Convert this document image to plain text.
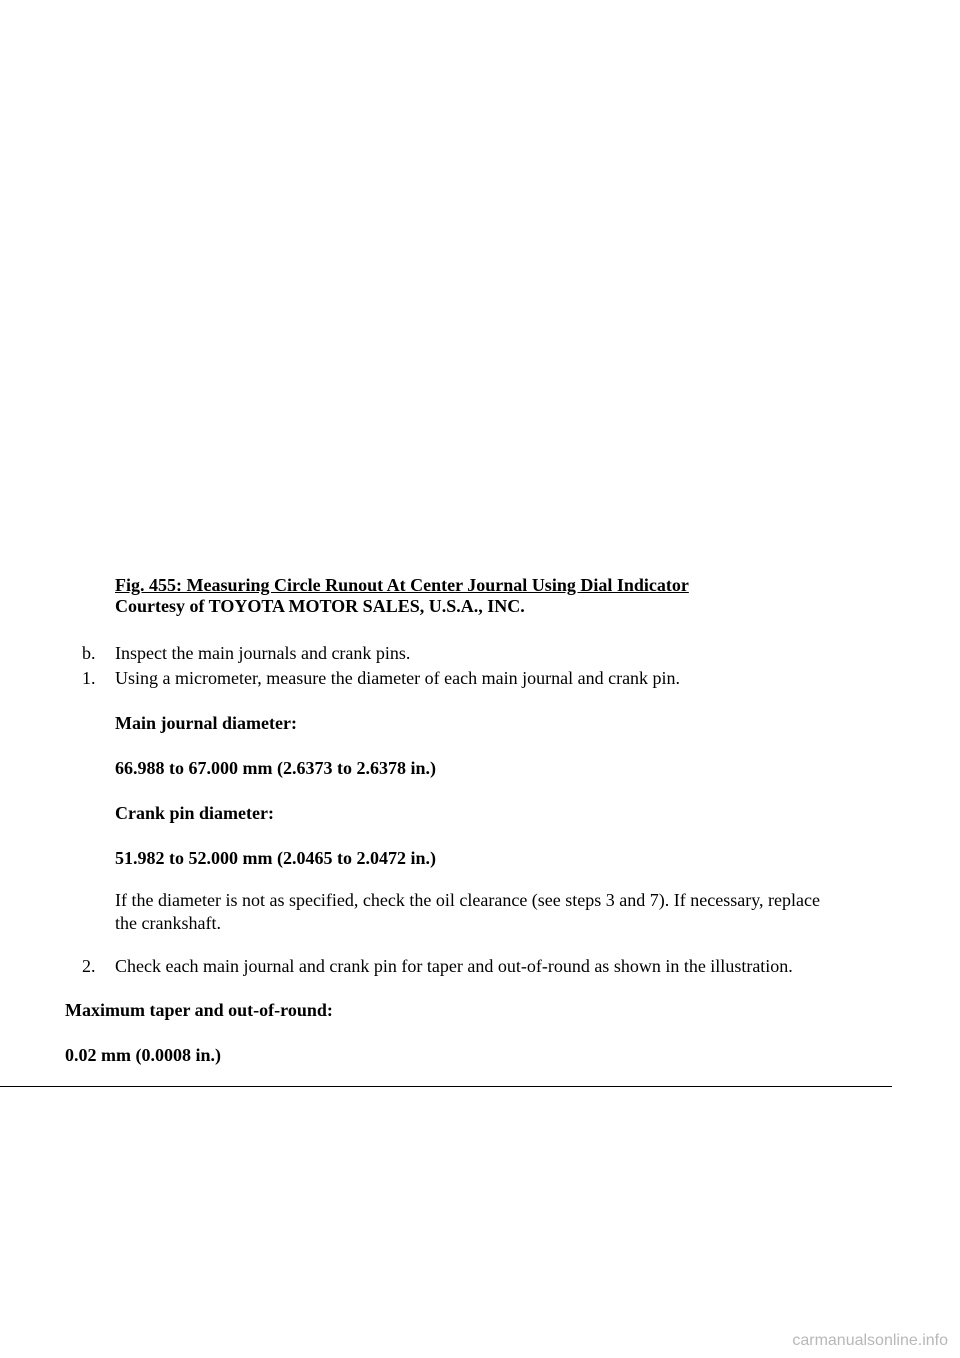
Fig. 455: Measuring Circle Runout At Center Journal Using Dial Indicator
Courtesy of TOYOTA MOTOR SALES, U.S.A., INC.
b. Inspect the main journals and crank pins.
1. Using a micrometer, measure the diameter of each main journal and crank pin.
Main journal diameter:
66.988 to 67.000 mm (2.6373 to 2.6378 in.)
Crank pin diameter:
51.982 to 52.000 mm (2.0465 to 2.0472 in.)
If the diameter is not as specified, check the oil clearance (see steps 3 and 7). If necessary, replace
the crankshaft.
2. Check each main journal and crank pin for taper and out-of-round as shown in the illustration.
Maximum taper and out-of-round:
0.02 mm (0.0008 in.)
carmanualsonline.info
